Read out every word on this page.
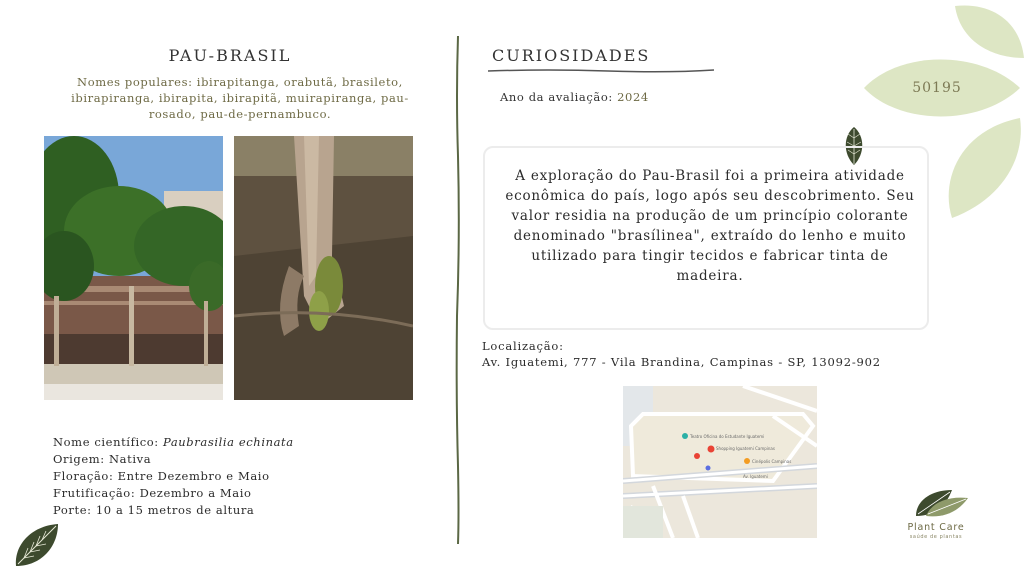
PAU-BRASIL
Nomes populares: ibirapitanga, orabutã, brasileto, ibirapiranga, ibirapita, ibirapitã, muirapiranga, pau-rosado, pau-de-pernambuco.
Nome científico: Paubrasilia echinata
Origem: Nativa
Floração: Entre Dezembro e Maio
Frutificação: Dezembro a Maio
Porte: 10 a 15 metros de altura
CURIOSIDADES
Ano da avaliação: 2024
50195
A exploração do Pau-Brasil foi a primeira atividade econômica do país, logo após seu descobrimento. Seu valor residia na produção de um princípio colorante denominado "brasílinea", extraído do lenho e muito utilizado para tingir tecidos e fabricar tinta de madeira.
Localização:
Av. Iguatemi, 777 - Vila Brandina, Campinas - SP, 13092-902
Teatro Oficina do Estudante Iguatemi
Shopping Iguatemi Campinas
Cinépolis Campinas
Av. Iguatemi
Plant Care
saúde de plantas
